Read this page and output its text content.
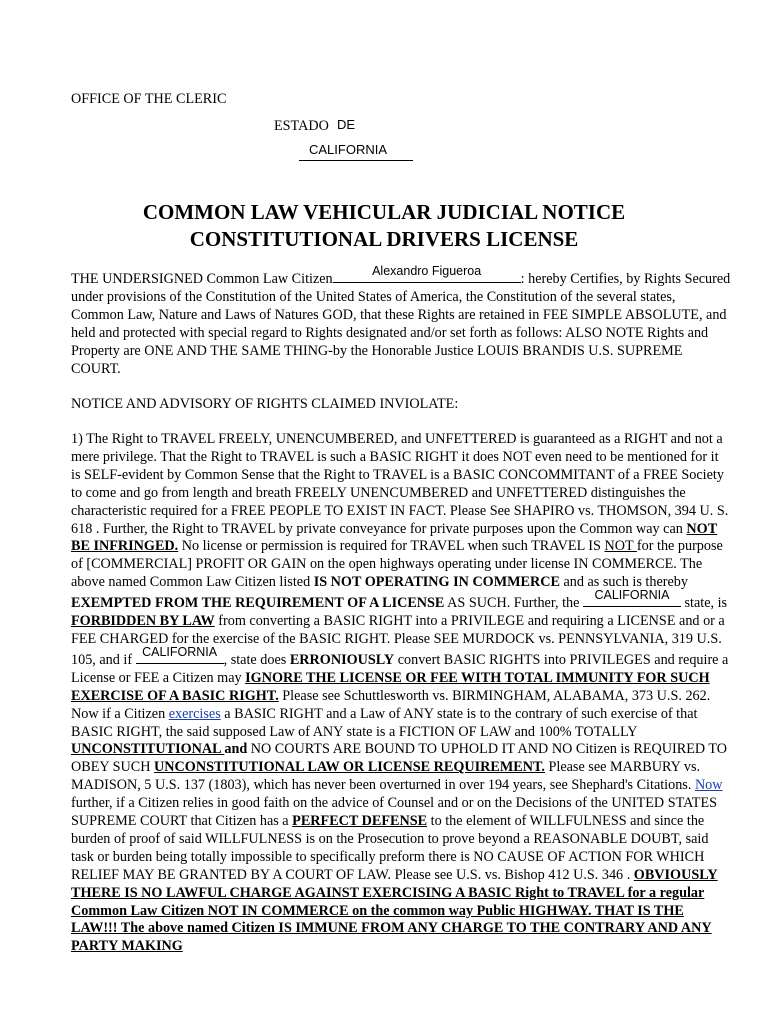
OFFICE OF THE CLERIC
ESTADO DE
CALIFORNIA
COMMON LAW VEHICULAR JUDICIAL NOTICE
CONSTITUTIONAL DRIVERS LICENSE

THE UNDERSIGNED Common Law Citizen	Alexandro Figueroa	: hereby Certifies, by Rights Secured under provisions of the Constitution of the United States of America, the Constitution of the several states, Common Law, Nature and Laws of Natures GOD, that these Rights are retained in FEE SIMPLE ABSOLUTE, and held and protected with special regard to Rights designated and/or set forth as follows: ALSO NOTE Rights and Property are ONE AND THE SAME THING-by the Honorable Justice LOUIS BRANDIS U.S. SUPREME COURT.

NOTICE AND ADVISORY OF RIGHTS CLAIMED INVIOLATE:

1) The Right to TRAVEL FREELY, UNENCUMBERED, and UNFETTERED is guaranteed as a RIGHT and not a mere privilege. That the Right to TRAVEL is such a BASIC RIGHT it does NOT even need to be mentioned for it is SELF-evident by Common Sense that the Right to TRAVEL is a BASIC CONCOMMITANT of a FREE Society to come and go from length and breath FREELY UNENCUMBERED and UNFETTERED distinguishes the characteristic required for a FREE PEOPLE TO EXIST IN FACT. Please See SHAPIRO vs. THOMSON, 394 U. S. 618 . Further, the Right to TRAVEL by private conveyance for private purposes upon the Common way can NOT BE INFRINGED. No license or permission is required for TRAVEL when such TRAVEL IS NOT for the purpose of [COMMERCIAL] PROFIT OR GAIN on the open highways operating under license IN COMMERCE. The above named Common Law Citizen listed IS NOT OPERATING IN COMMERCE and as such is thereby EXEMPTED FROM THE REQUIREMENT OF A LICENSE AS SUCH. Further, the CALIFORNIA state, is FORBIDDEN BY LAW from converting a BASIC RIGHT into a PRIVILEGE and requiring a LICENSE and or a FEE CHARGED for the exercise of the BASIC RIGHT. Please SEE MURDOCK vs. PENNSYLVANIA, 319 U.S. 105, and if CALIFORNIA , state does ERRONIOUSLY convert BASIC RIGHTS into PRIVILEGES and require a License or FEE a Citizen may IGNORE THE LICENSE OR FEE WITH TOTAL IMMUNITY FOR SUCH EXERCISE OF A BASIC RIGHT. Please see Schuttlesworth vs. BIRMINGHAM, ALABAMA, 373 U.S. 262. Now if a Citizen exercises a BASIC RIGHT and a Law of ANY state is to the contrary of such exercise of that BASIC RIGHT, the said supposed Law of ANY state is a FICTION OF LAW and 100% TOTALLY UNCONSTITUTIONAL and NO COURTS ARE BOUND TO UPHOLD IT AND NO Citizen is REQUIRED TO OBEY SUCH UNCONSTITUTIONAL LAW OR LICENSE REQUIREMENT. Please see MARBURY vs. MADISON, 5 U.S. 137 (1803), which has never been overturned in over 194 years, see Shephard's Citations. Now further, if a Citizen relies in good faith on the advice of Counsel and or on the Decisions of the UNITED STATES SUPREME COURT that Citizen has a PERFECT DEFENSE to the element of WILLFULNESS and since the burden of proof of said WILLFULNESS is on the Prosecution to prove beyond a REASONABLE DOUBT, said task or burden being totally impossible to specifically preform there is NO CAUSE OF ACTION FOR WHICH RELIEF MAY BE GRANTED BY A COURT OF LAW. Please see U.S. vs. Bishop 412 U.S. 346 . OBVIOUSLY THERE IS NO LAWFUL CHARGE AGAINST EXERCISING A BASIC Right to TRAVEL for a regular Common Law Citizen NOT IN COMMERCE on the common way Public HIGHWAY. THAT IS THE LAW!!! The above named Citizen IS IMMUNE FROM ANY CHARGE TO THE CONTRARY AND ANY PARTY MAKING
